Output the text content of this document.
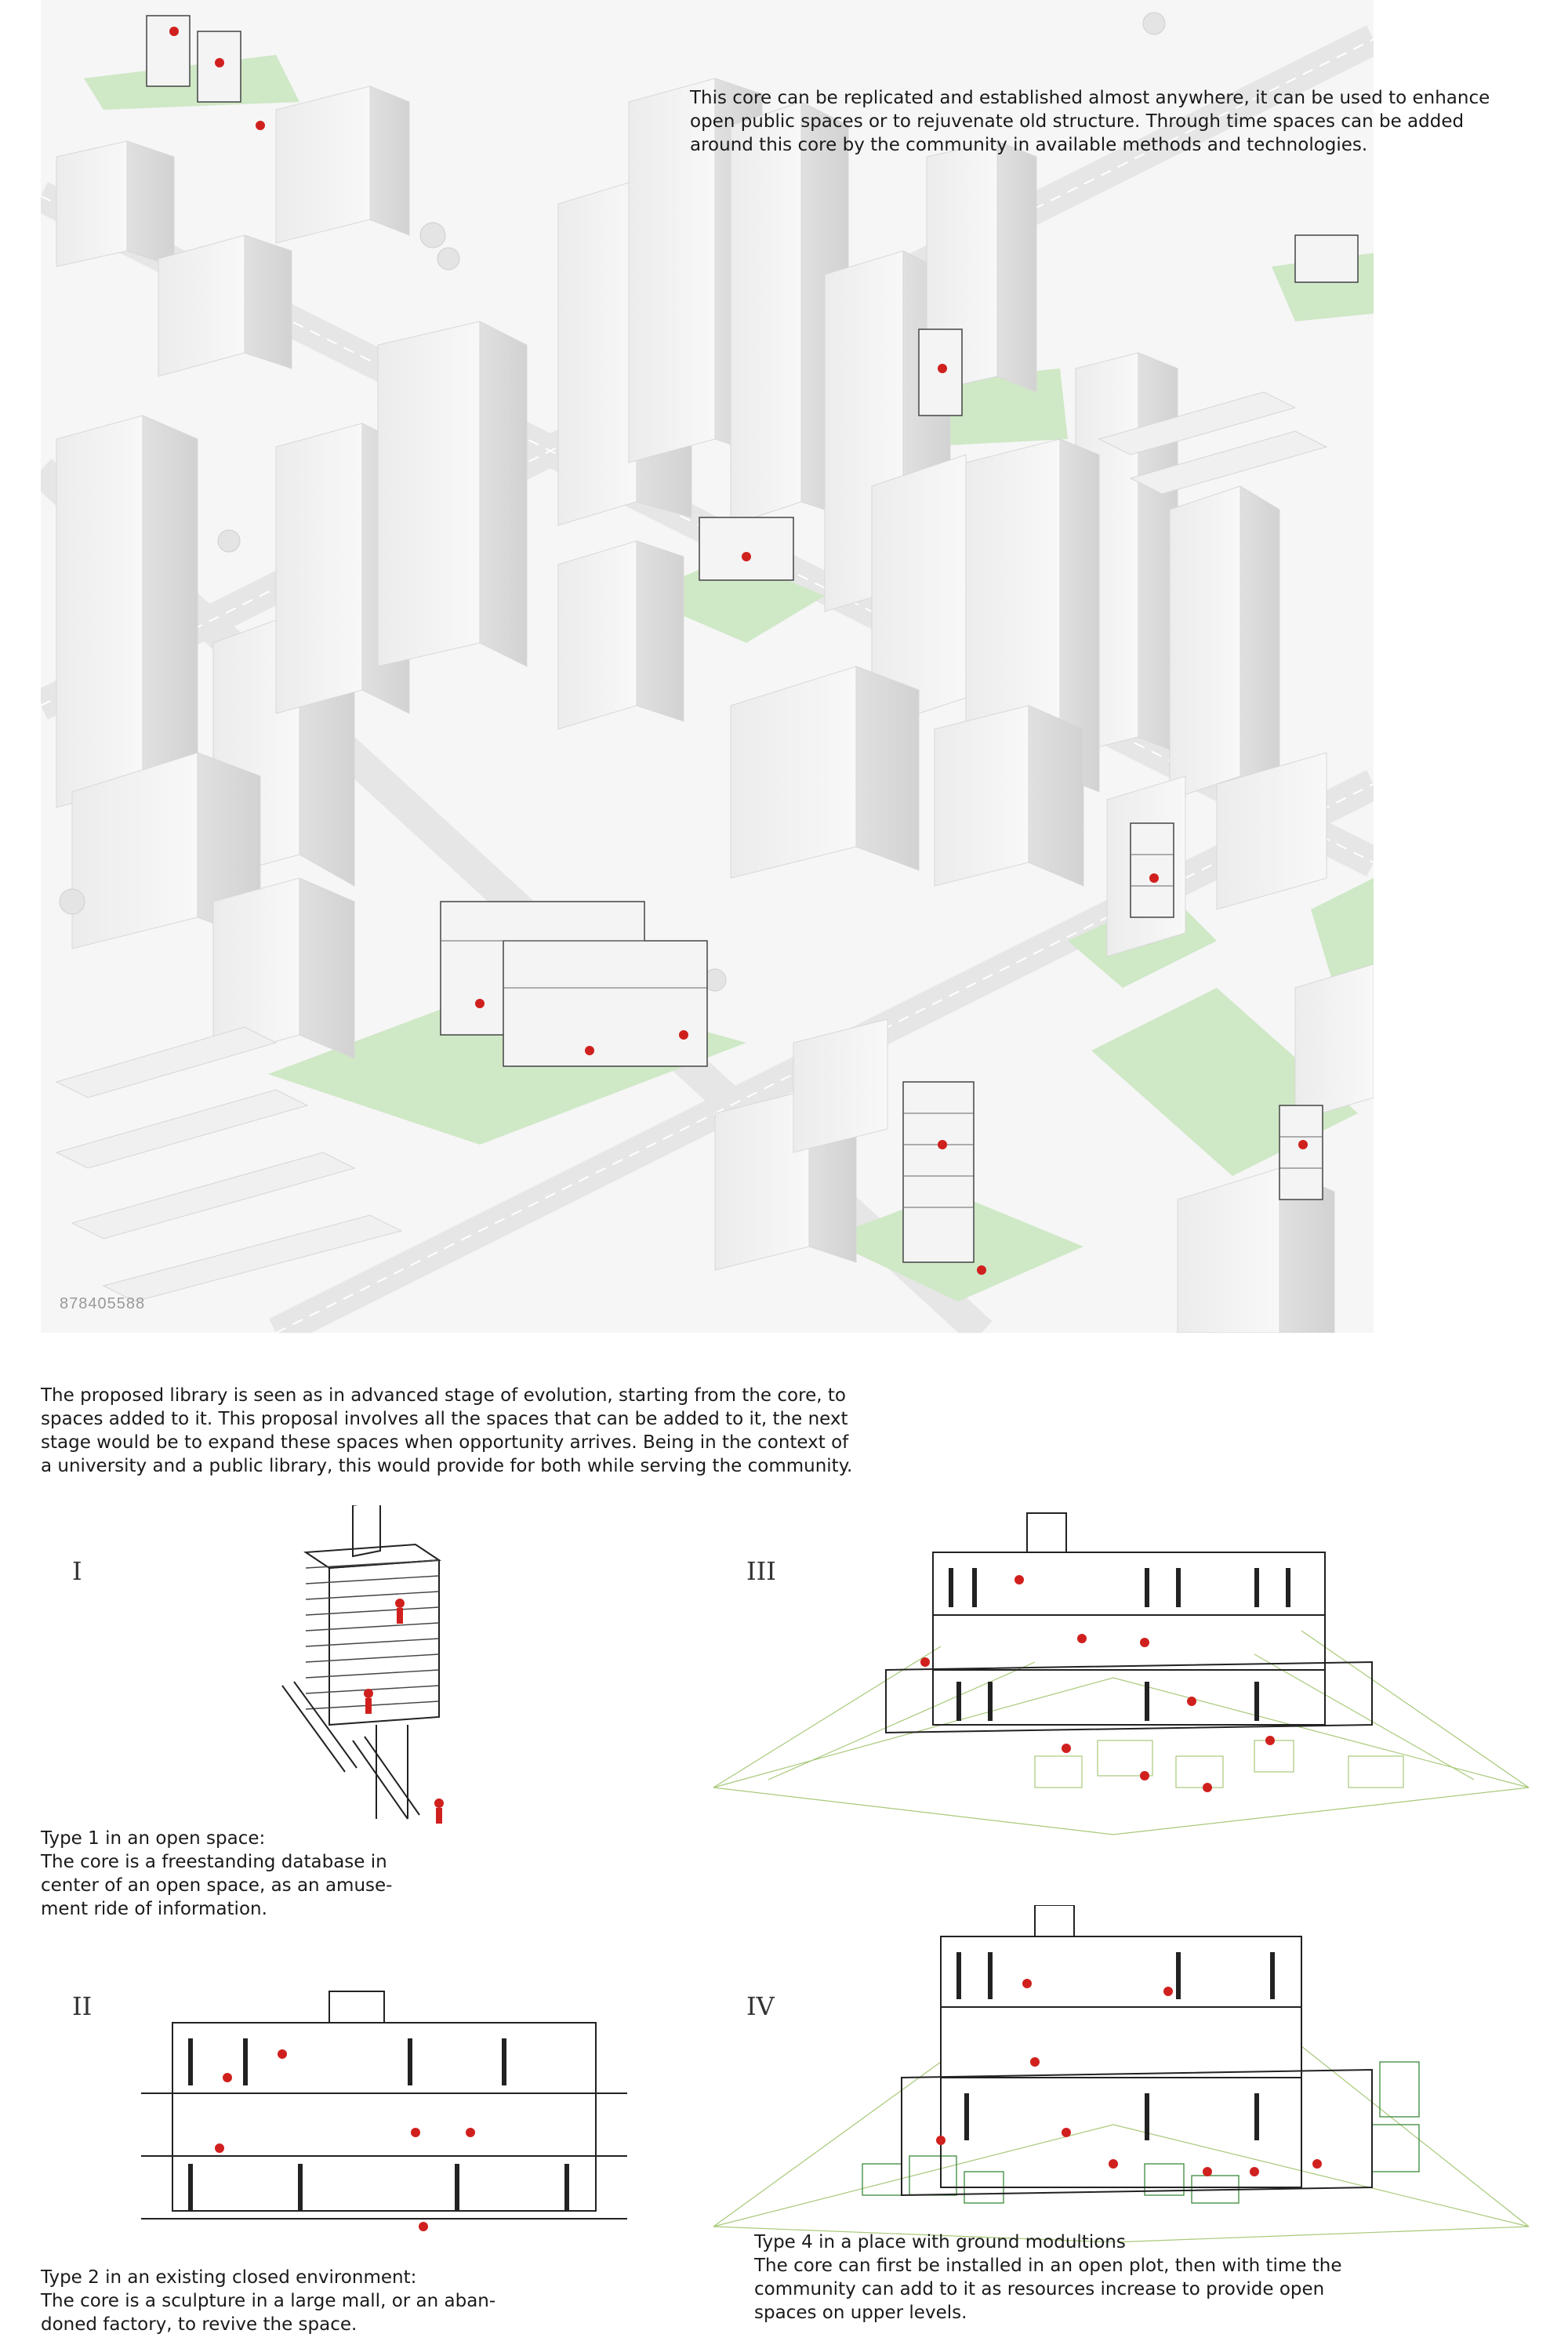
This core can be replicated and established almost anywhere, it can be used to enhance
open public spaces or to rejuvenate old structure. Through time spaces can be added
around this core by the community in available methods and technologies.
878405588
The proposed library is seen as in advanced stage of evolution, starting from the core, to
spaces added to it. This proposal involves all the spaces that can be added to it, the next
stage would be to expand these spaces when opportunity arrives. Being in the context of
a university and a public library, this would provide for both while serving the community.
I
Type 1 in an open space:
The core is a freestanding database in
center of an open space, as an amuse-
ment ride of information.
III
II
Type 2 in an existing closed environment:
The core is a sculpture in a large mall, or an aban-
doned factory, to revive the space.
IV
Type 4 in a place with ground modultions
The core can first be installed in an open plot, then with time the
community can add to it as resources increase to provide open
spaces on upper levels.
